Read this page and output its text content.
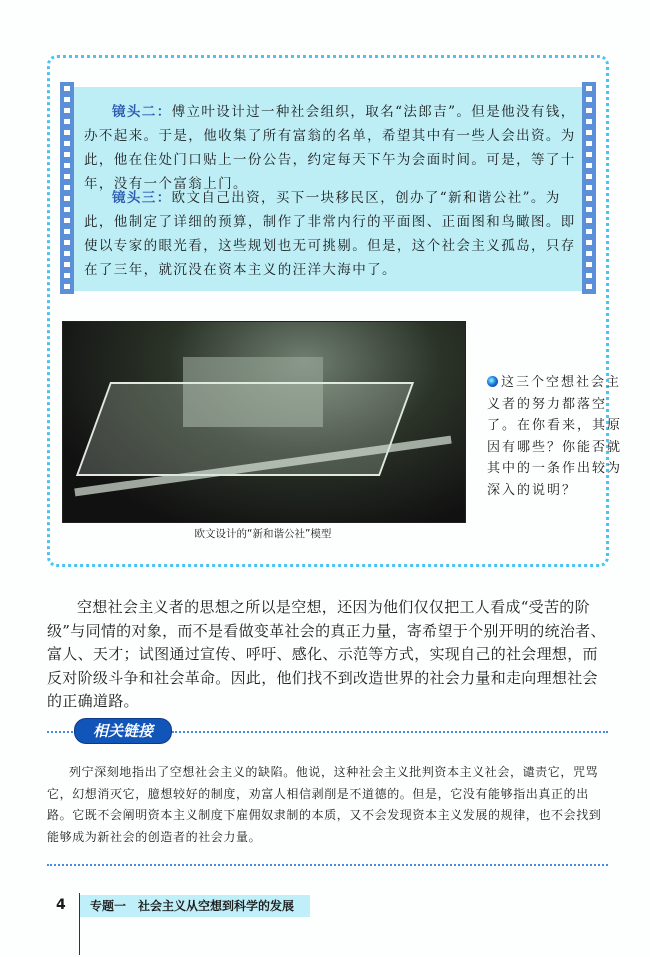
镜头二：傅立叶设计过一种社会组织，取名“法郎吉”。但是他没有钱，办不起来。于是，他收集了所有富翁的名单，希望其中有一些人会出资。为此，他在住处门口贴上一份公告，约定每天下午为会面时间。可是，等了十年，没有一个富翁上门。

镜头三：欧文自己出资，买下一块移民区，创办了“新和谐公社”。为此，他制定了详细的预算，制作了非常内行的平面图、正面图和鸟瞰图。即使以专家的眼光看，这些规划也无可挑剔。但是，这个社会主义孤岛，只存在了三年，就沉没在资本主义的汪洋大海中了。

欧文设计的“新和谐公社”模型
这三个空想社会主义者的努力都落空了。在你看来，其原因有哪些？你能否就其中的一条作出较为深入的说明？

空想社会主义者的思想之所以是空想，还因为他们仅仅把工人看成“受苦的阶级”与同情的对象，而不是看做变革社会的真正力量，寄希望于个别开明的统治者、富人、天才；试图通过宣传、呼吁、感化、示范等方式，实现自己的社会理想，而反对阶级斗争和社会革命。因此，他们找不到改造世界的社会力量和走向理想社会的正确道路。

相关链接

列宁深刻地指出了空想社会主义的缺陷。他说，这种社会主义批判资本主义社会，谴责它，咒骂它，幻想消灭它，臆想较好的制度，劝富人相信剥削是不道德的。但是，它没有能够指出真正的出路。它既不会阐明资本主义制度下雇佣奴隶制的本质，又不会发现资本主义发展的规律，也不会找到能够成为新社会的创造者的社会力量。

4	专题一　社会主义从空想到科学的发展
